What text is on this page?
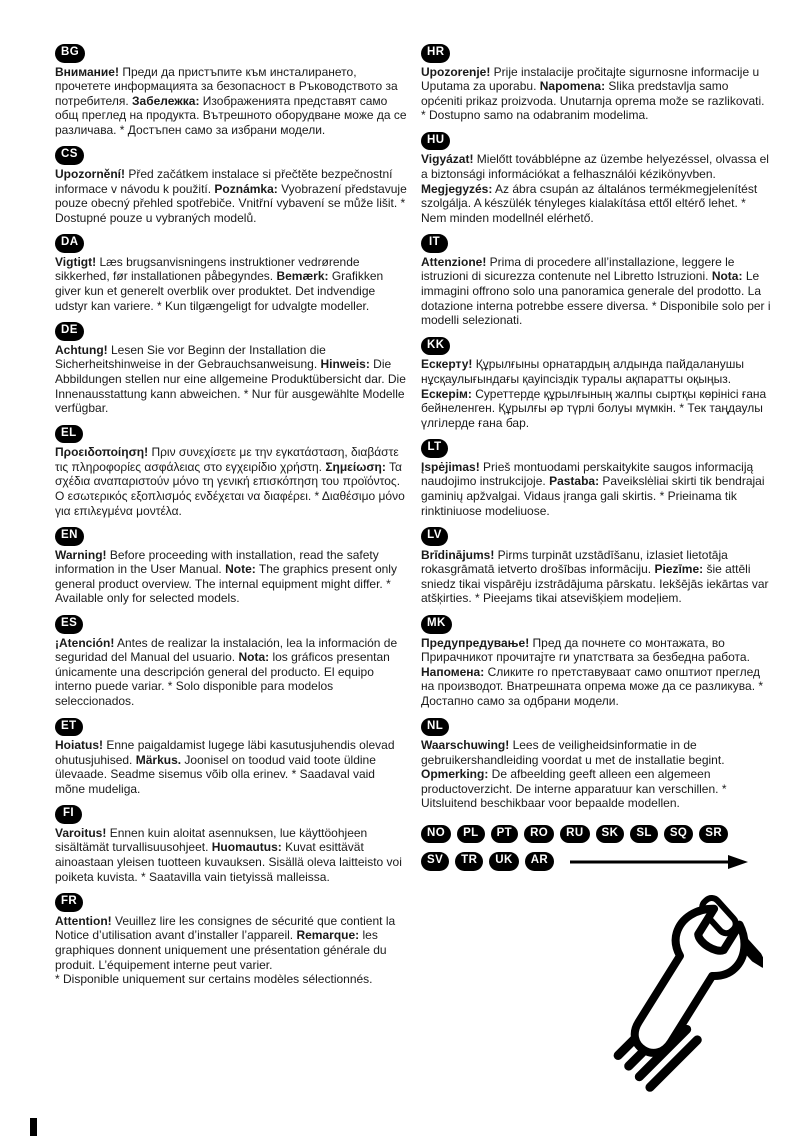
BG
Внимание! Преди да пристъпите към инсталирането, прочетете информацията за безопасност в Ръководството за потребителя. Забележка: Изображенията представят само общ преглед на продукта. Вътрешното оборудване може да се различава. * Достъпен само за избрани модели.
CS
Upozornění! Před začátkem instalace si přečtěte bezpečnostní informace v návodu k použití. Poznámka: Vyobrazení představuje pouze obecný přehled spotřebiče. Vnitřní vybavení se může lišit. * Dostupné pouze u vybraných modelů.
DA
Vigtigt! Læs brugsanvisningens instruktioner vedrørende sikkerhed, før installationen påbegyndes. Bemærk: Grafikken giver kun et generelt overblik over produktet. Det indvendige udstyr kan variere. * Kun tilgængeligt for udvalgte modeller.
DE
Achtung! Lesen Sie vor Beginn der Installation die Sicherheitshinweise in der Gebrauchsanweisung. Hinweis: Die Abbildungen stellen nur eine allgemeine Produktübersicht dar. Die Innenausstattung kann abweichen. * Nur für ausgewählte Modelle verfügbar.
EL
Προειδοποίηση! Πριν συνεχίσετε με την εγκατάσταση, διαβάστε τις πληροφορίες ασφάλειας στο εγχειρίδιο χρήστη. Σημείωση: Τα σχέδια αναπαριστούν μόνο τη γενική επισκόπηση του προϊόντος. Ο εσωτερικός εξοπλισμός ενδέχεται να διαφέρει. * Διαθέσιμο μόνο για επιλεγμένα μοντέλα.
EN
Warning! Before proceeding with installation, read the safety information in the User Manual. Note: The graphics present only general product overview. The internal equipment might differ. * Available only for selected models.
ES
¡Atención! Antes de realizar la instalación, lea la información de seguridad del Manual del usuario. Nota: los gráficos presentan únicamente una descripción general del producto. El equipo interno puede variar. * Solo disponible para modelos seleccionados.
ET
Hoiatus! Enne paigaldamist lugege läbi kasutusjuhendis olevad ohutusjuhised. Märkus. Joonisel on toodud vaid toote üldine ülevaade. Seadme sisemus võib olla erinev. * Saadaval vaid mõne mudeliga.
FI
Varoitus! Ennen kuin aloitat asennuksen, lue käyttöohjeen sisältämät turvallisuusohjeet. Huomautus: Kuvat esittävät ainoastaan yleisen tuotteen kuvauksen. Sisällä oleva laitteisto voi poiketa kuvista. * Saatavilla vain tietyissä malleissa.
FR
Attention! Veuillez lire les consignes de sécurité que contient la Notice d’utilisation avant d’installer l’appareil. Remarque: les graphiques donnent uniquement une présentation générale du produit. L’équipement interne peut varier.
* Disponible uniquement sur certains modèles sélectionnés.
HR
Upozorenje! Prije instalacije pročitajte sigurnosne informacije u Uputama za uporabu. Napomena: Slika predstavlja samo općeniti prikaz proizvoda. Unutarnja oprema može se razlikovati. * Dostupno samo na odabranim modelima.
HU
Vigyázat! Mielőtt továbblépne az üzembe helyezéssel, olvassa el a biztonsági információkat a felhasználói kézikönyvben. Megjegyzés: Az ábra csupán az általános termékmegjelenítést szolgálja. A készülék tényleges kialakítása ettől eltérő lehet. * Nem minden modellnél elérhető.
IT
Attenzione! Prima di procedere all’installazione, leggere le istruzioni di sicurezza contenute nel Libretto Istruzioni. Nota: Le immagini offrono solo una panoramica generale del prodotto. La dotazione interna potrebbe essere diversa. * Disponibile solo per i modelli selezionati.
KK
Ескерту! Құрылғыны орнатардың алдында пайдаланушы нұсқаулығындағы қауіпсіздік туралы ақпаратты оқыңыз. Ескерім: Суреттерде құрылғының жалпы сыртқы көрінісі ғана бейнеленген. Құрылғы әр түрлі болуы мүмкін. * Тек таңдаулы үлгілерде ғана бар.
LT
Įspėjimas! Prieš montuodami perskaitykite saugos informaciją naudojimo instrukcijoje. Pastaba: Paveikslėliai skirti tik bendrajai gaminių apžvalgai. Vidaus įranga gali skirtis. * Prieinama tik rinktiniuose modeliuose.
LV
Brīdinājums! Pirms turpināt uzstādīšanu, izlasiet lietotāja rokasgrāmatā ietverto drošības informāciju. Piezīme: šie attēli sniedz tikai vispārēju izstrādājuma pārskatu. Iekšējās iekārtas var atšķirties. * Pieejams tikai atsevišķiem modeļiem.
MK
Предупредување! Пред да почнете со монтажата, во Прирачникот прочитајте ги упатствата за безбедна работа. Напомена: Сликите го претставуваат само општиот преглед на производот. Внатрешната опрема може да се разликува. * Достапно само за одбрани модели.
NL
Waarschuwing! Lees de veiligheidsinformatie in de gebruikershandleiding voordat u met de installatie begint. Opmerking: De afbeelding geeft alleen een algemeen productoverzicht. De interne apparatuur kan verschillen. * Uitsluitend beschikbaar voor bepaalde modellen.
NO	PL	PT	RO	RU	SK	SL	SQ	SR
SV	TR	UK	AR
